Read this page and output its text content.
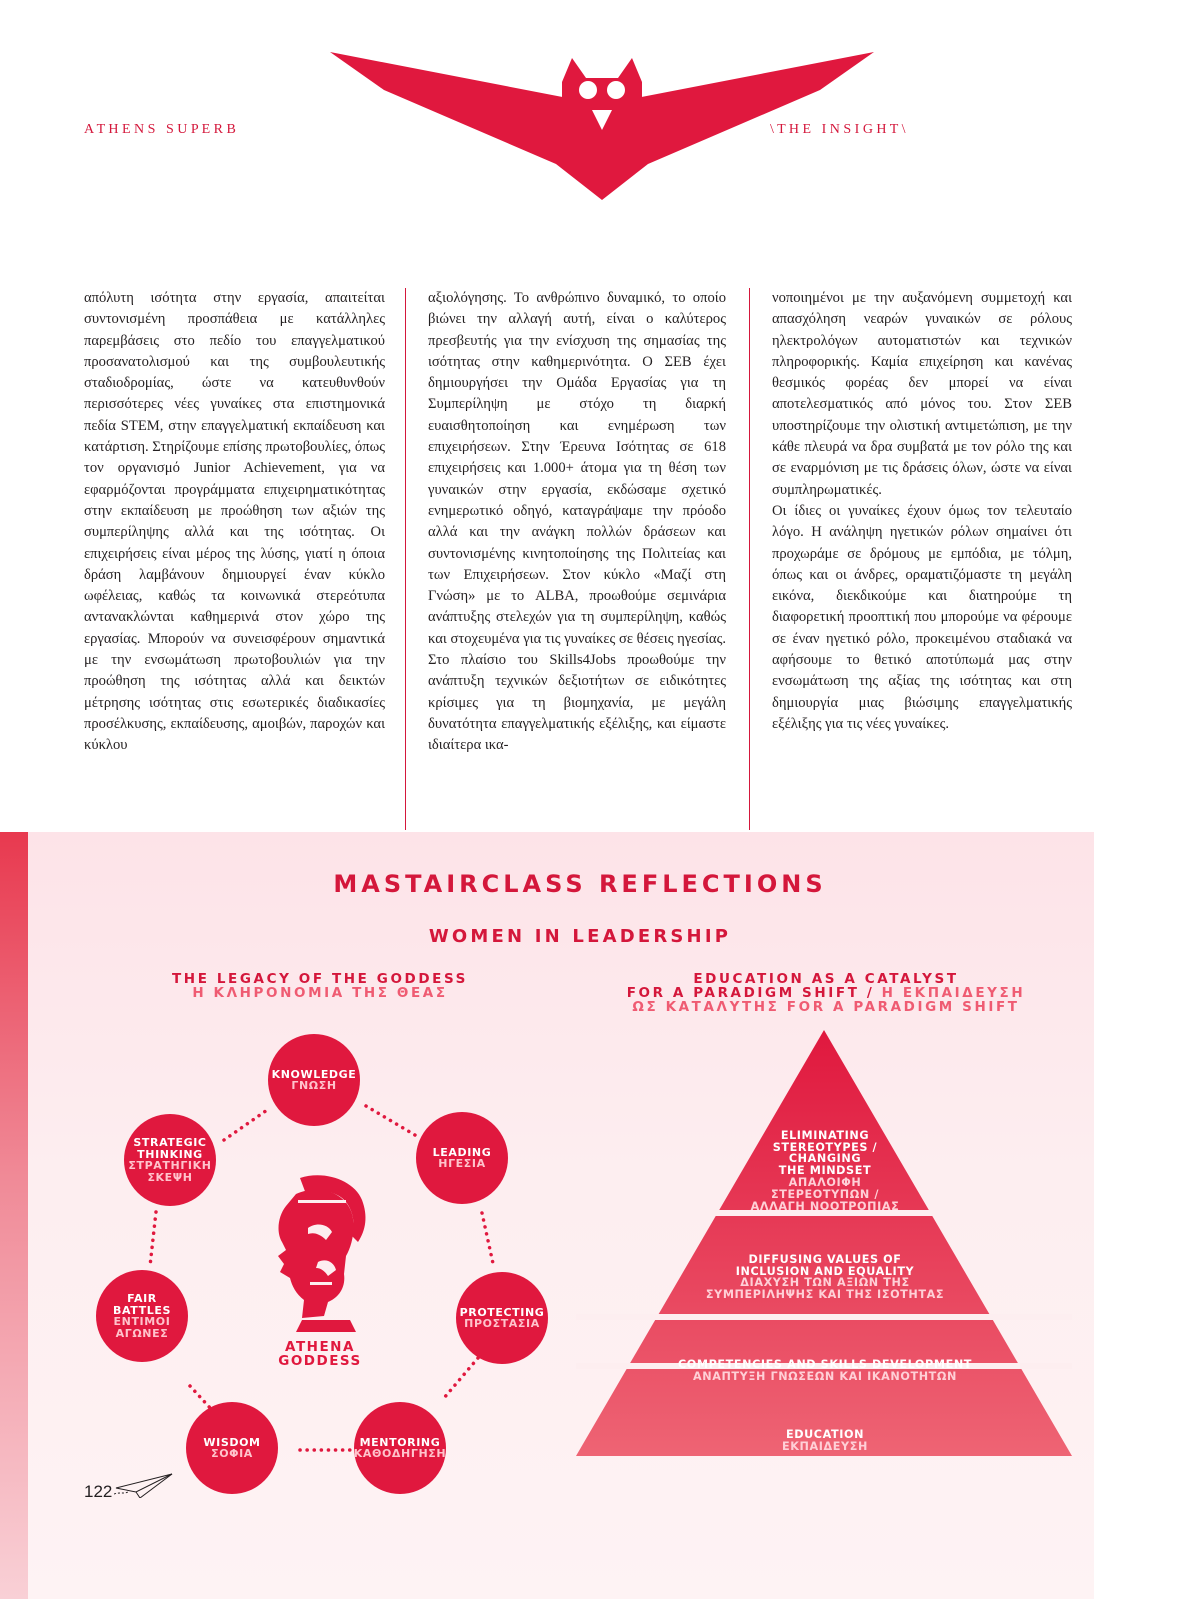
A T H E N S   S U P E R B	\ T H E   I N S I G H T \

απόλυτη ισότητα στην εργασία, απαιτείται συντονισμένη προσπάθεια με κατάλληλες παρεμβάσεις στο πεδίο του επαγγελματικού προσανατολισμού και της συμβουλευτικής σταδιοδρομίας, ώστε να κατευθυνθούν περισσότερες νέες γυναίκες στα επιστημονικά πεδία STEM, στην επαγγελματική εκπαίδευση και κατάρτιση. Στηρίζουμε επίσης πρωτοβουλίες, όπως τον οργανισμό Junior Achievement, για να εφαρμόζονται προγράμματα επιχειρηματικότητας στην εκπαίδευση με προώθηση των αξιών της συμπερίληψης αλλά και της ισότητας. Οι επιχειρήσεις είναι μέρος της λύσης, γιατί η όποια δράση λαμβάνουν δημιουργεί έναν κύκλο ωφέλειας, καθώς τα κοινωνικά στερεότυπα αντανακλώνται καθημερινά στον χώρο της εργασίας. Μπορούν να συνεισφέρουν σημαντικά με την ενσωμάτωση πρωτοβουλιών για την προώθηση της ισότητας αλλά και δεικτών μέτρησης ισότητας στις εσωτερικές διαδικασίες προσέλκυσης, εκπαίδευσης, αμοιβών, παροχών και κύκλου

αξιολόγησης. Το ανθρώπινο δυναμικό, το οποίο βιώνει την αλλαγή αυτή, είναι ο καλύτερος πρεσβευτής για την ενίσχυση της σημασίας της ισότητας στην καθημερινότητα. Ο ΣΕΒ έχει δημιουργήσει την Ομάδα Εργασίας για τη Συμπερίληψη με στόχο τη διαρκή ευαισθητοποίηση και ενημέρωση των επιχειρήσεων. Στην Έρευνα Ισότητας σε 618 επιχειρήσεις και 1.000+ άτομα για τη θέση των γυναικών στην εργασία, εκδώσαμε σχετικό ενημερωτικό οδηγό, καταγράψαμε την πρόοδο αλλά και την ανάγκη πολλών δράσεων και συντονισμένης κινητοποίησης της Πολιτείας και των Επιχειρήσεων. Στον κύκλο «Μαζί στη Γνώση» με το ALBA, προωθούμε σεμινάρια ανάπτυξης στελεχών για τη συμπερίληψη, καθώς και στοχευμένα για τις γυναίκες σε θέσεις ηγεσίας. Στο πλαίσιο του Skills4Jobs προωθούμε την ανάπτυξη τεχνικών δεξιοτήτων σε ειδικότητες κρίσιμες για τη βιομηχανία, με μεγάλη δυνατότητα επαγγελματικής εξέλιξης, και είμαστε ιδιαίτερα ικα-

νοποιημένοι με την αυξανόμενη συμμετοχή και απασχόληση νεαρών γυναικών σε ρόλους ηλεκτρολόγων αυτοματιστών και τεχνικών πληροφορικής. Καμία επιχείρηση και κανένας θεσμικός φορέας δεν μπορεί να είναι αποτελεσματικός από μόνος του. Στον ΣΕΒ υποστηρίζουμε την ολιστική αντιμετώπιση, με την κάθε πλευρά να δρα συμβατά με τον ρόλο της και σε εναρμόνιση με τις δράσεις όλων, ώστε να είναι συμπληρωματικές.

Οι ίδιες οι γυναίκες έχουν όμως τον τελευταίο λόγο. Η ανάληψη ηγετικών ρόλων σημαίνει ότι προχωράμε σε δρόμους με εμπόδια, με τόλμη, όπως και οι άνδρες, οραματιζόμαστε τη μεγάλη εικόνα, διεκδικούμε και διατηρούμε τη διαφορετική προοπτική που μπορούμε να φέρουμε σε έναν ηγετικό ρόλο, προκειμένου σταδιακά να αφήσουμε το θετικό αποτύπωμά μας στην ενσωμάτωση της αξίας της ισότητας και στη δημιουργία μιας βιώσιμης επαγγελματικής εξέλιξης για τις νέες γυναίκες.

MASTAIRCLASS REFLECTIONS
WOMEN IN LEADERSHIP
THE LEGACY OF THE GODDESS
Η ΚΛΗΡΟΝΟΜΙΑ ΤΗΣ ΘΕΑΣ
EDUCATION AS A CATALYST
FOR A PARADIGM SHIFT / Η ΕΚΠΑΙΔΕΥΣΗ
ΩΣ ΚΑΤΑΛΥΤΗΣ FOR A PARADIGM SHIFT
KNOWLEDGE
ΓΝΩΣΗ
LEADING
ΗΓΕΣΙΑ
PROTECTING
ΠΡΟΣΤΑΣΙΑ
MENTORING
ΚΑΘΟΔΗΓΗΣΗ
WISDOM
ΣΟΦΙΑ
FAIR
BATTLES
ΕΝΤΙΜΟΙ
ΑΓΩΝΕΣ
STRATEGIC
THINKING
ΣΤΡΑΤΗΓΙΚΗ
ΣΚΕΨΗ
ATHENA
GODDESS

ELIMINATING
STEREOTYPES /
CHANGING
THE MINDSET
ΑΠΑΛΟΙΦΗ
ΣΤΕΡΕΟΤΥΠΩΝ /
ΑΛΛΑΓΗ ΝΟΟΤΡΟΠΙΑΣ

DIFFUSING VALUES OF
INCLUSION AND EQUALITY
ΔΙΑΧΥΣΗ ΤΩΝ ΑΞΙΩΝ ΤΗΣ
ΣΥΜΠΕΡΙΛΗΨΗΣ ΚΑΙ ΤΗΣ ΙΣΟΤΗΤΑΣ

COMPETENCIES AND SKILLS DEVELOPMENT
ΑΝΑΠΤΥΞΗ ΓΝΩΣΕΩΝ ΚΑΙ ΙΚΑΝΟΤΗΤΩΝ

EDUCATION
ΕΚΠΑΙΔΕΥΣΗ

122
